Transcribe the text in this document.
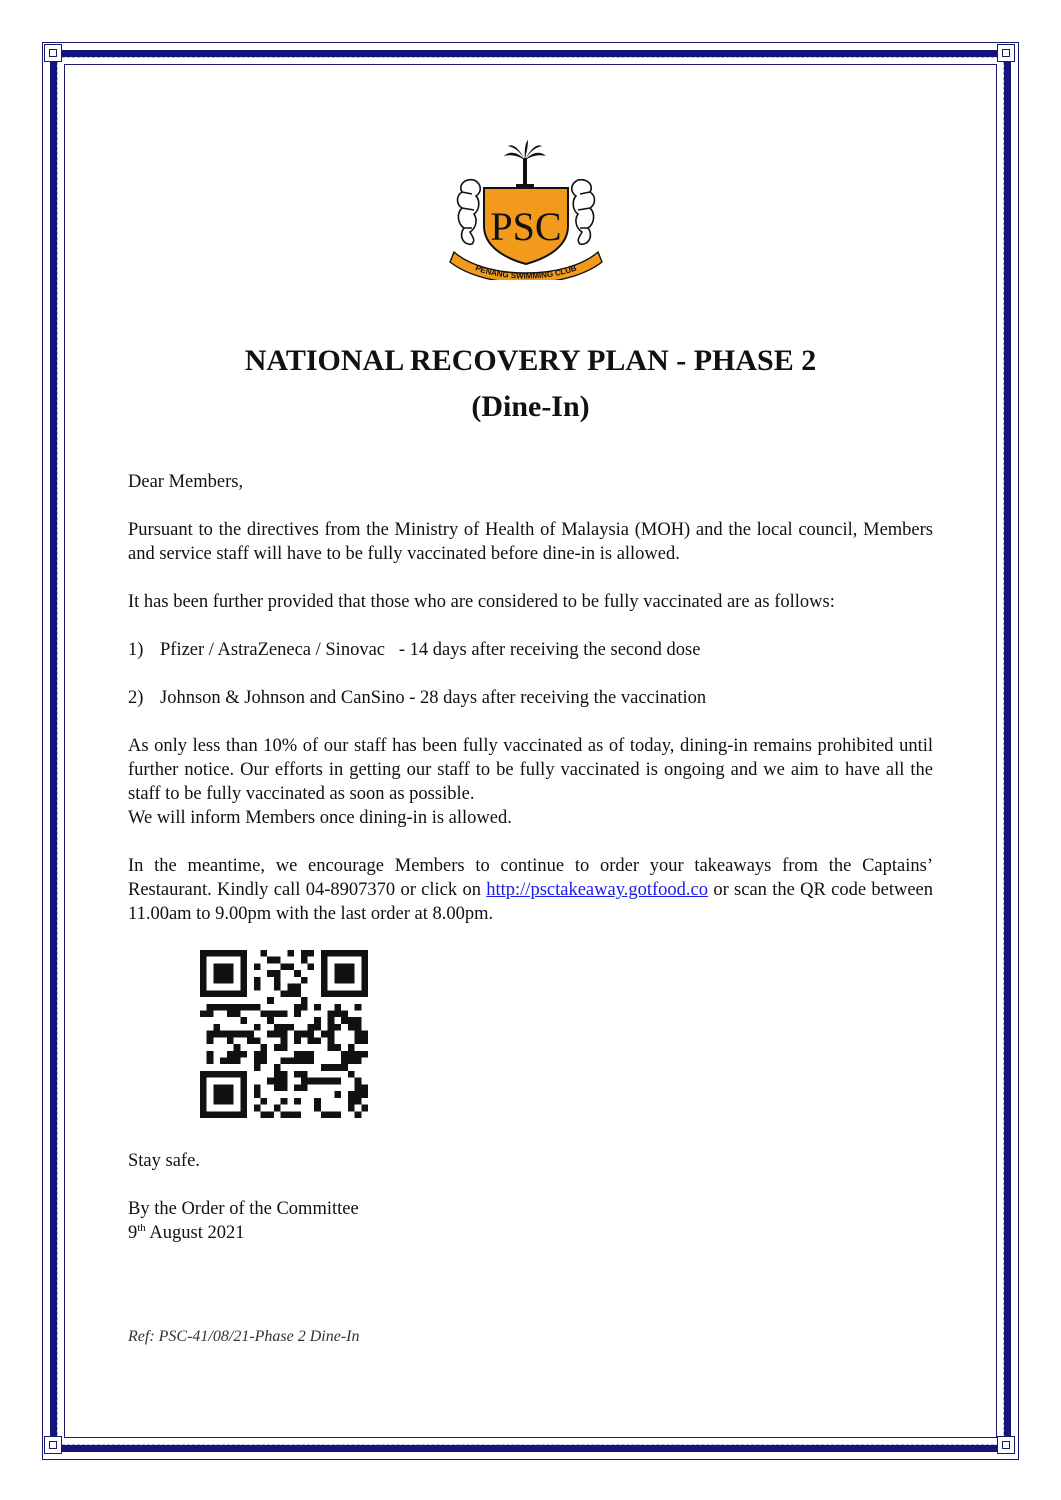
PSC
PENANG SWIMMING CLUB
NATIONAL RECOVERY PLAN - PHASE 2
(Dine-In)

Dear Members,

Pursuant to the directives from the Ministry of Health of Malaysia (MOH) and the local council, Members and service staff will have to be fully vaccinated before dine-in is allowed.

It has been further provided that those who are considered to be fully vaccinated are as follows:

1) Pfizer / AstraZeneca / Sinovac   - 14 days after receiving the second dose

2) Johnson & Johnson and CanSino - 28 days after receiving the vaccination

As only less than 10% of our staff has been fully vaccinated as of today, dining-in remains prohibited until further notice. Our efforts in getting our staff to be fully vaccinated is ongoing and we aim to have all the staff to be fully vaccinated as soon as possible.

We will inform Members once dining-in is allowed.

In the meantime, we encourage Members to continue to order your takeaways from the Captains’ Restaurant. Kindly call 04-8907370 or click on http://psctakeaway.gotfood.co or scan the QR code between 11.00am to 9.00pm with the last order at 8.00pm.

Stay safe.

By the Order of the Committee

9th August 2021

Ref: PSC-41/08/21-Phase 2 Dine-In
